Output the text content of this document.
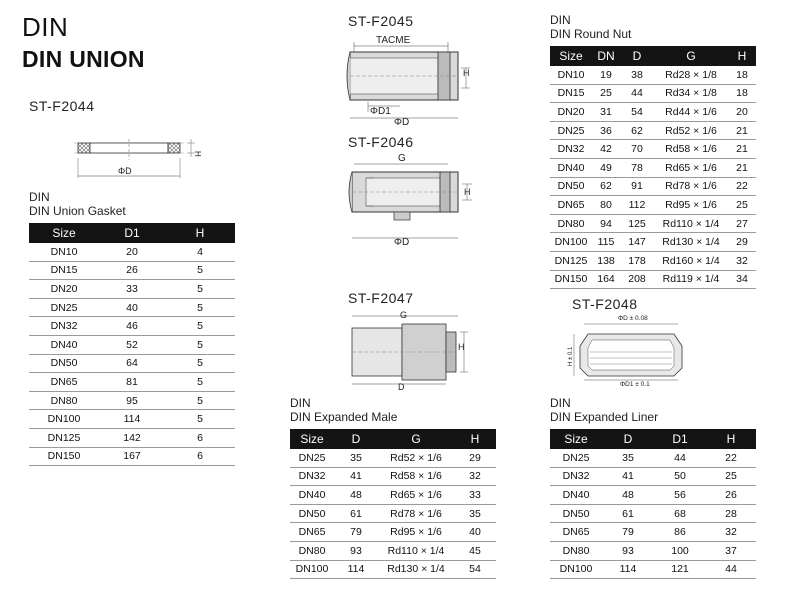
DIN
DIN UNION
ST-F2044
ΦD
H
DIN
DIN Union Gasket
Size	D1	H
DN10	20	4
DN15	26	5
DN20	33	5
DN25	40	5
DN32	46	5
DN40	52	5
DN50	64	5
DN65	81	5
DN80	95	5
DN100	114	5
DN125	142	6
DN150	167	6
ST-F2045
TACME
H
ΦD1
ΦD
ST-F2046
G
H
ΦD
ST-F2047
G
H
D
ST-F2048
ΦD ± 0.08
H ± 0.1
ΦD1 ± 0.1
DIN
DIN Round Nut
Size	DN	D	G	H
DN10	19	38	Rd28 × 1/8	18
DN15	25	44	Rd34 × 1/8	18
DN20	31	54	Rd44 × 1/6	20
DN25	36	62	Rd52 × 1/6	21
DN32	42	70	Rd58 × 1/6	21
DN40	49	78	Rd65 × 1/6	21
DN50	62	91	Rd78 × 1/6	22
DN65	80	112	Rd95 × 1/6	25
DN80	94	125	Rd110 × 1/4	27
DN100	115	147	Rd130 × 1/4	29
DN125	138	178	Rd160 × 1/4	32
DN150	164	208	Rd119 × 1/4	34
DIN
DIN Expanded Male
Size	D	G	H
DN25	35	Rd52 × 1/6	29
DN32	41	Rd58 × 1/6	32
DN40	48	Rd65 × 1/6	33
DN50	61	Rd78 × 1/6	35
DN65	79	Rd95 × 1/6	40
DN80	93	Rd110 × 1/4	45
DN100	114	Rd130 × 1/4	54
DIN
DIN Expanded Liner
Size	D	D1	H
DN25	35	44	22
DN32	41	50	25
DN40	48	56	26
DN50	61	68	28
DN65	79	86	32
DN80	93	100	37
DN100	114	121	44
